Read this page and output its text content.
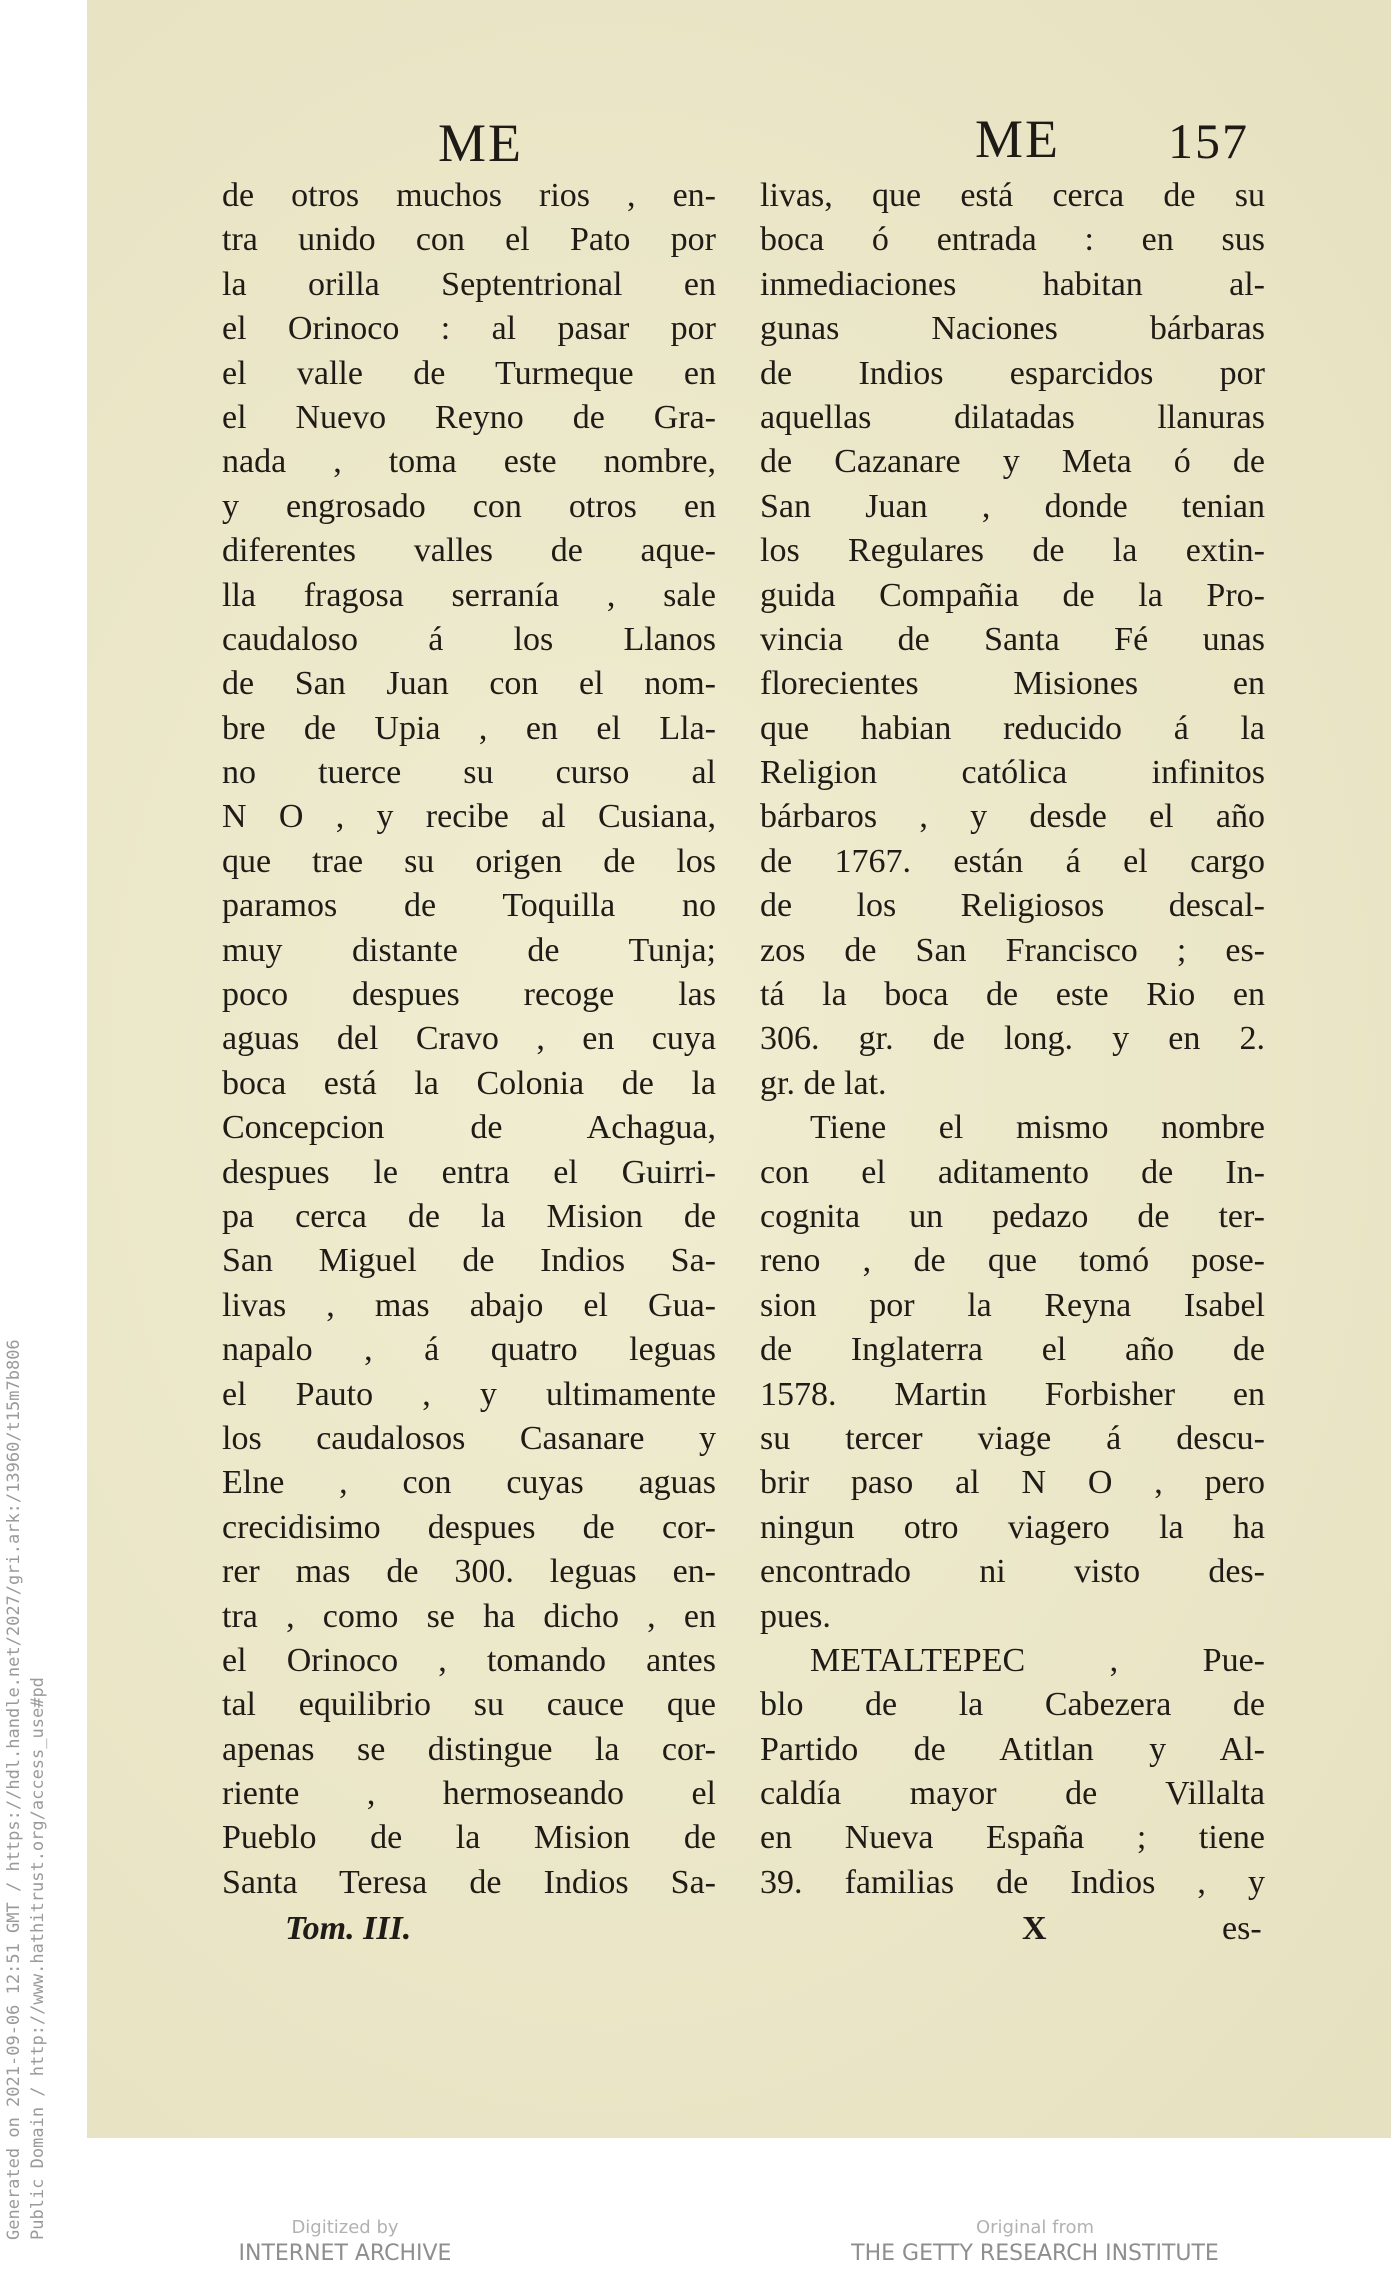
Generated on 2021-09-06 12:51 GMT / https://hdl.handle.net/2027/gri.ark:/13960/t15m7b806 Public Domain / http://www.hathitrust.org/access_use#pd
ME	ME 157
de otros muchos rios , en-
tra unido con el Pato por
la orilla Septentrional en
el Orinoco : al pasar por
el valle de Turmeque en
el Nuevo Reyno de Gra-
nada , toma este nombre,
y engrosado con otros en
diferentes valles de aque-
lla fragosa serranía , sale
caudaloso á los Llanos
de San Juan con el nom-
bre de Upia , en el Lla-
no tuerce su curso al
N O , y recibe al Cusiana,
que trae su origen de los
paramos de Toquilla no
muy distante de Tunja;
poco despues recoge las
aguas del Cravo , en cuya
boca está la Colonia de la
Concepcion de Achagua,
despues le entra el Guirri-
pa cerca de la Mision de
San Miguel de Indios Sa-
livas , mas abajo el Gua-
napalo , á quatro leguas
el Pauto , y ultimamente
los caudalosos Casanare y
Elne , con cuyas aguas
crecidisimo despues de cor-
rer mas de 300. leguas en-
tra , como se ha dicho , en
el Orinoco , tomando antes
tal equilibrio su cauce que
apenas se distingue la cor-
riente , hermoseando el
Pueblo de la Mision de
Santa Teresa de Indios Sa-
livas, que está cerca de su
boca ó entrada : en sus
inmediaciones habitan al-
gunas Naciones bárbaras
de Indios esparcidos por
aquellas dilatadas llanuras
de Cazanare y Meta ó de
San Juan , donde tenian
los Regulares de la extin-
guida Compañia de la Pro-
vincia de Santa Fé unas
florecientes Misiones en
que habian reducido á la
Religion católica infinitos
bárbaros , y desde el año
de 1767. están á el cargo
de los Religiosos descal-
zos de San Francisco ; es-
tá la boca de este Rio en
306. gr. de long. y en 2.
gr. de lat.
Tiene el mismo nombre
con el aditamento de In-
cognita un pedazo de ter-
reno , de que tomó pose-
sion por la Reyna Isabel
de Inglaterra el año de
1578. Martin Forbisher en
su tercer viage á descu-
brir paso al N O , pero
ningun otro viagero la ha
encontrado ni visto des-
pues.
METALTEPEC , Pue-
blo de la Cabezera de
Partido de Atitlan y Al-
caldía mayor de Villalta
en Nueva España ; tiene
39. familias de Indios , y
Tom. III.	X	es-
Digitized by
INTERNET ARCHIVE
Original from
THE GETTY RESEARCH INSTITUTE
